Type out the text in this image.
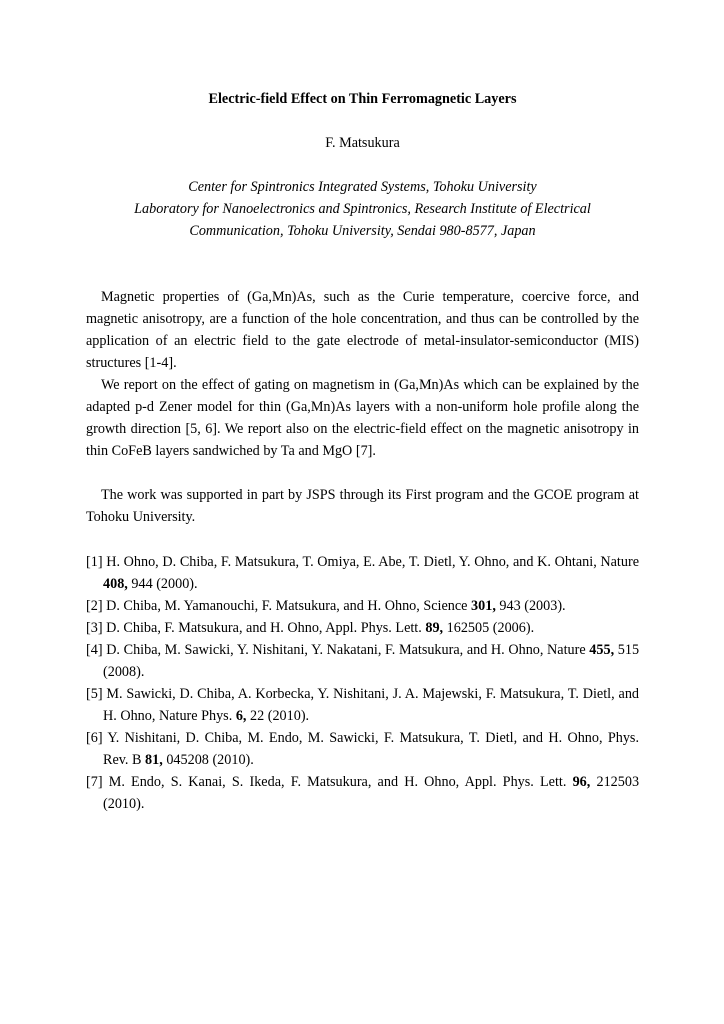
Electric-field Effect on Thin Ferromagnetic Layers

F. Matsukura
Center for Spintronics Integrated Systems, Tohoku University
Laboratory for Nanoelectronics and Spintronics, Research Institute of Electrical
Communication, Tohoku University, Sendai 980-8577, Japan

Magnetic properties of (Ga,Mn)As, such as the Curie temperature, coercive force, and magnetic anisotropy, are a function of the hole concentration, and thus can be controlled by the application of an electric field to the gate electrode of metal-insulator-semiconductor (MIS) structures [1-4].

We report on the effect of gating on magnetism in (Ga,Mn)As which can be explained by the adapted p-d Zener model for thin (Ga,Mn)As layers with a non-uniform hole profile along the growth direction [5, 6]. We report also on the electric-field effect on the magnetic anisotropy in thin CoFeB layers sandwiched by Ta and MgO [7].

The work was supported in part by JSPS through its First program and the GCOE program at Tohoku University.

[1] H. Ohno, D. Chiba, F. Matsukura, T. Omiya, E. Abe, T. Dietl, Y. Ohno, and K. Ohtani, Nature 408, 944 (2000).

[2] D. Chiba, M. Yamanouchi, F. Matsukura, and H. Ohno, Science 301, 943 (2003).

[3] D. Chiba, F. Matsukura, and H. Ohno, Appl. Phys. Lett. 89, 162505 (2006).

[4] D. Chiba, M. Sawicki, Y. Nishitani, Y. Nakatani, F. Matsukura, and H. Ohno, Nature 455, 515 (2008).

[5] M. Sawicki, D. Chiba, A. Korbecka, Y. Nishitani, J. A. Majewski, F. Matsukura, T. Dietl, and H. Ohno, Nature Phys. 6, 22 (2010).

[6] Y. Nishitani, D. Chiba, M. Endo, M. Sawicki, F. Matsukura, T. Dietl, and H. Ohno, Phys. Rev. B 81, 045208 (2010).

[7] M. Endo, S. Kanai, S. Ikeda, F. Matsukura, and H. Ohno, Appl. Phys. Lett. 96, 212503 (2010).
